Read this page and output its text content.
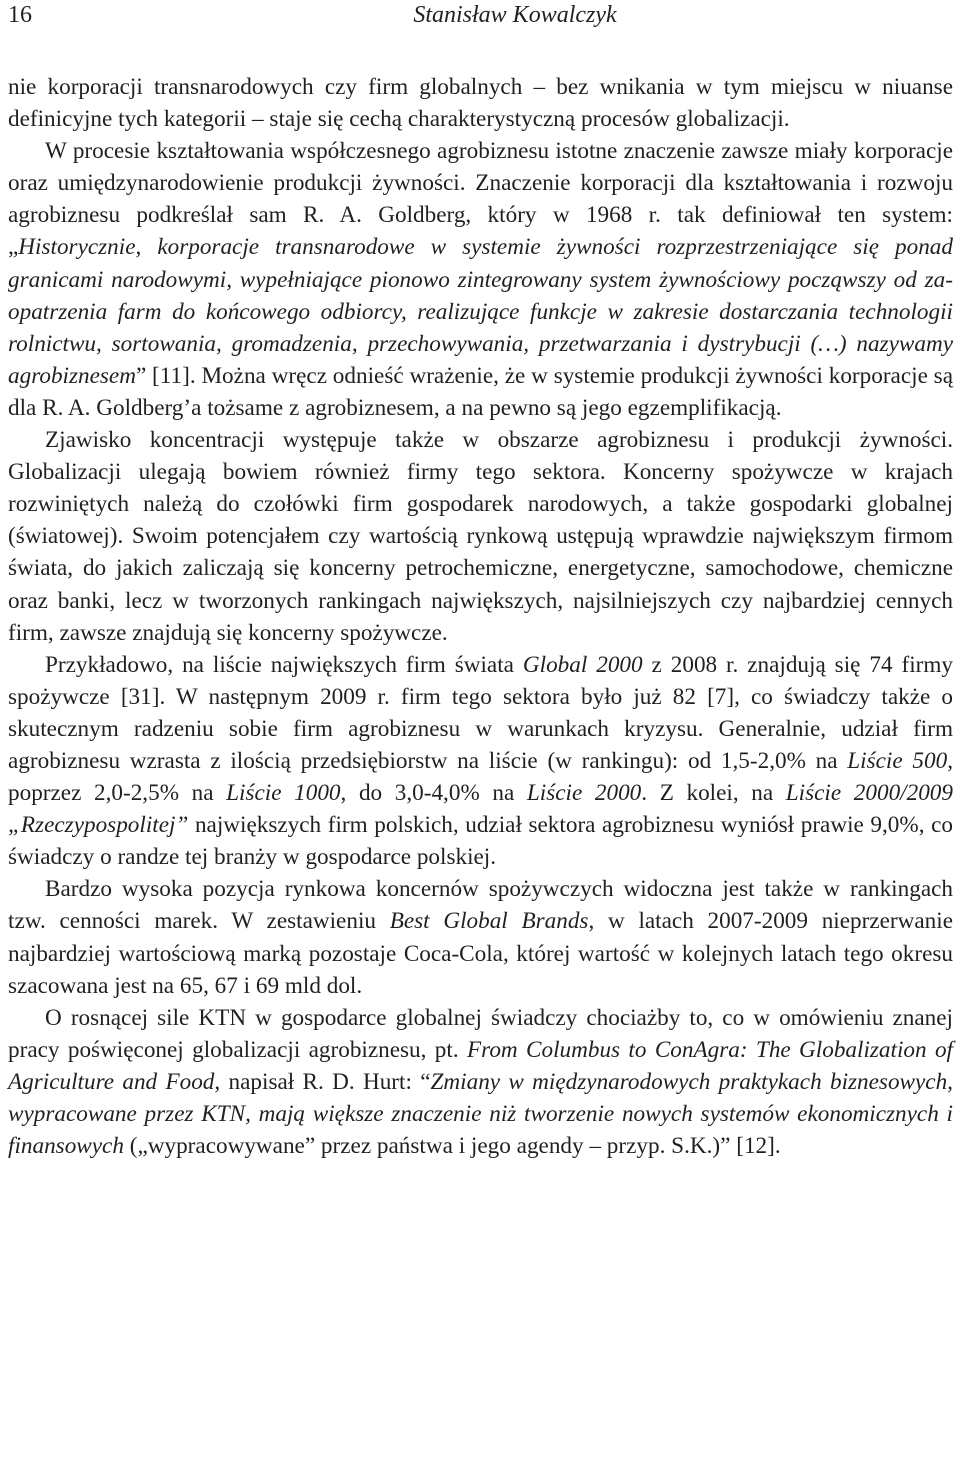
16	Stanisław Kowalczyk

nie korporacji transnarodowych czy firm globalnych – bez wnikania w tym miejscu w niuanse definicyjne tych kategorii – staje się cechą charakterystyczną procesów globalizacji.

W procesie kształtowania współczesnego agrobiznesu istotne znaczenie zawsze miały korporacje oraz umiędzynarodowienie produkcji żywności. Znaczenie korporacji dla kształtowania i rozwoju agrobiznesu podkreślał sam R. A. Goldberg, który w 1968 r. tak definiował ten system: „Historycznie, korporacje transnarodowe w systemie żywności rozprzestrzeniające się ponad granicami narodowymi, wypełniające pionowo zintegrowany system żywnościowy począwszy od zaopatrzenia farm do końcowego odbiorcy, realizujące funkcje w zakresie dostarczania technologii rolnictwu, sortowania, gromadzenia, przechowywania, przetwarzania i dystrybucji (…) nazywamy agrobiznesem” [11]. Można wręcz odnieść wrażenie, że w systemie produkcji żywności korporacje są dla R. A. Goldberg’a tożsame z agrobiznesem, a na pewno są jego egzemplifikacją.

Zjawisko koncentracji występuje także w obszarze agrobiznesu i produkcji żywności. Globalizacji ulegają bowiem również firmy tego sektora. Koncerny spożywcze w krajach rozwiniętych należą do czołówki firm gospodarek narodowych, a także gospodarki globalnej (światowej). Swoim potencjałem czy wartością rynkową ustępują wprawdzie największym firmom świata, do jakich zaliczają się koncerny petrochemiczne, energetyczne, samochodowe, chemiczne oraz banki, lecz w tworzonych rankingach największych, najsilniejszych czy najbardziej cennych firm, zawsze znajdują się koncerny spożywcze.

Przykładowo, na liście największych firm świata Global 2000 z 2008 r. znajdują się 74 firmy spożywcze [31]. W następnym 2009 r. firm tego sektora było już 82 [7], co świadczy także o skutecznym radzeniu sobie firm agrobiznesu w warunkach kryzysu. Generalnie, udział firm agrobiznesu wzrasta z ilością przedsiębiorstw na liście (w rankingu): od 1,5-2,0% na Liście 500, poprzez 2,0-2,5% na Liście 1000, do 3,0-4,0% na Liście 2000. Z kolei, na Liście 2000/2009 „Rzeczypospolitej” największych firm polskich, udział sektora agrobiznesu wyniósł prawie 9,0%, co świadczy o randze tej branży w gospodarce polskiej.

Bardzo wysoka pozycja rynkowa koncernów spożywczych widoczna jest także w rankingach tzw. cenności marek. W zestawieniu Best Global Brands, w latach 2007-2009 nieprzerwanie najbardziej wartościową marką pozostaje Coca-Cola, której wartość w kolejnych latach tego okresu szacowana jest na 65, 67 i 69 mld dol.

O rosnącej sile KTN w gospodarce globalnej świadczy chociażby to, co w omówieniu znanej pracy poświęconej globalizacji agrobiznesu, pt. From Columbus to ConAgra: The Globalization of Agriculture and Food, napisał R. D. Hurt: “Zmiany w międzynarodowych praktykach biznesowych, wypracowane przez KTN, mają większe znaczenie niż tworzenie nowych systemów ekonomicznych i finansowych („wypracowywane” przez państwa i jego agendy – przyp. S.K.)” [12].
